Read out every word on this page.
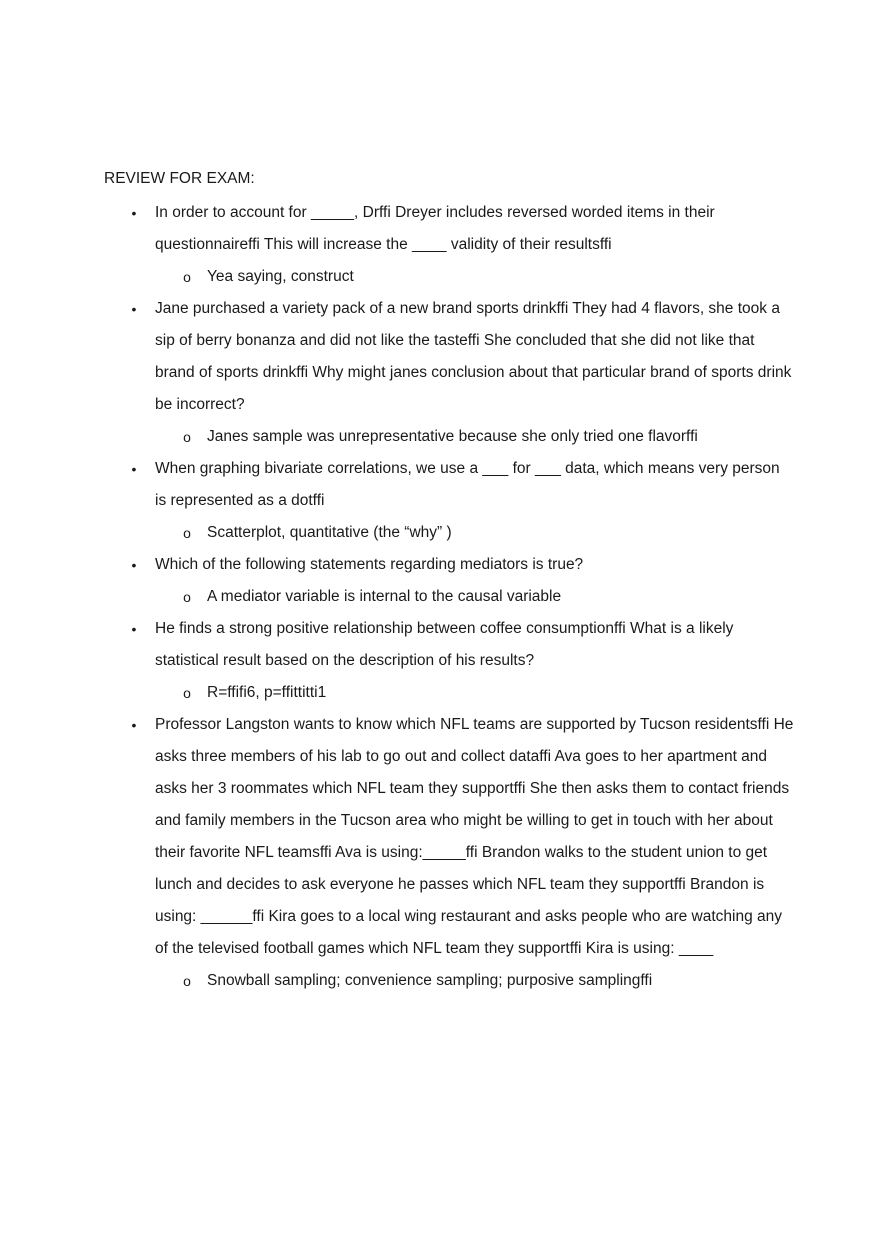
REVIEW FOR EXAM:
• In order to account for _____, Drffi Dreyer includes reversed worded items in their questionnaireffi This will increase the ____ validity of their resultsffi
o Yea saying, construct
• Jane purchased a variety pack of a new brand sports drinkffi They had 4 flavors, she took a sip of berry bonanza and did not like the tasteffi She concluded that she did not like that brand of sports drinkffi Why might janes conclusion about that particular brand of sports drink be incorrect?
o Janes sample was unrepresentative because she only tried one flavorffi
• When graphing bivariate correlations, we use a ___ for ___ data, which means very person is represented as a dotffi
o Scatterplot, quantitative (the “why” )
• Which of the following statements regarding mediators is true?
o A mediator variable is internal to the causal variable
• He finds a strong positive relationship between coffee consumptionffi What is a likely statistical result based on the description of his results?
o R=ffifi6, p=ffittitti1
• Professor Langston wants to know which NFL teams are supported by Tucson residentsffi He asks three members of his lab to go out and collect dataffi Ava goes to her apartment and asks her 3 roommates which NFL team they supportffi She then asks them to contact friends and family members in the Tucson area who might be willing to get in touch with her about their favorite NFL teamsffi Ava is using:_____ffi Brandon walks to the student union to get lunch and decides to ask everyone he passes which NFL team they supportffi Brandon is using: ______ffi Kira goes to a local wing restaurant and asks people who are watching any of the televised football games which NFL team they supportffi Kira is using: ____
o Snowball sampling; convenience sampling; purposive samplingffi
